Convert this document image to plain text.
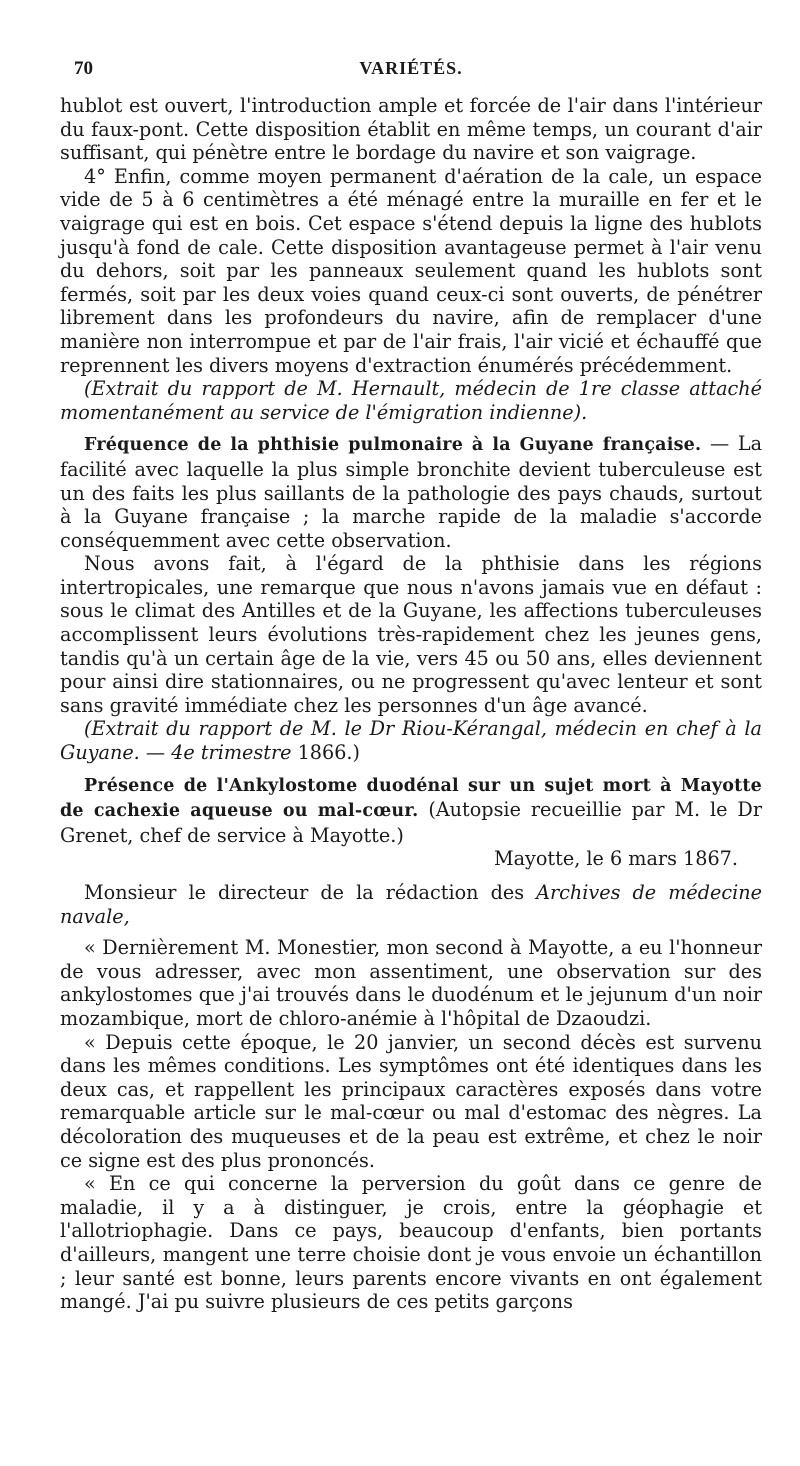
70	VARIÉTÉS.

hublot est ouvert, l'introduction ample et forcée de l'air dans l'intérieur du faux-pont. Cette disposition établit en même temps, un courant d'air suffisant, qui pénètre entre le bordage du navire et son vaigrage.

4° Enfin, comme moyen permanent d'aération de la cale, un espace vide de 5 à 6 centimètres a été ménagé entre la muraille en fer et le vaigrage qui est en bois. Cet espace s'étend depuis la ligne des hublots jusqu'à fond de cale. Cette disposition avantageuse permet à l'air venu du dehors, soit par les panneaux seulement quand les hublots sont fermés, soit par les deux voies quand ceux-ci sont ouverts, de pénétrer librement dans les profondeurs du navire, afin de remplacer d'une manière non interrompue et par de l'air frais, l'air vicié et échauffé que reprennent les divers moyens d'extraction énumérés précédemment.

(Extrait du rapport de M. Hernault, médecin de 1re classe attaché momentanément au service de l'émigration indienne).

Fréquence de la phthisie pulmonaire à la Guyane française. — La facilité avec laquelle la plus simple bronchite devient tuberculeuse est un des faits les plus saillants de la pathologie des pays chauds, surtout à la Guyane française ; la marche rapide de la maladie s'accorde conséquemment avec cette observation.

Nous avons fait, à l'égard de la phthisie dans les régions intertropicales, une remarque que nous n'avons jamais vue en défaut : sous le climat des Antilles et de la Guyane, les affections tuberculeuses accomplissent leurs évolutions très-rapidement chez les jeunes gens, tandis qu'à un certain âge de la vie, vers 45 ou 50 ans, elles deviennent pour ainsi dire stationnaires, ou ne progressent qu'avec lenteur et sont sans gravité immédiate chez les personnes d'un âge avancé.

(Extrait du rapport de M. le Dr Riou-Kérangal, médecin en chef à la Guyane. — 4e trimestre 1866.)

Présence de l'Ankylostome duodénal sur un sujet mort à Mayotte de cachexie aqueuse ou mal-cœur. (Autopsie recueillie par M. le Dr Grenet, chef de service à Mayotte.)

Mayotte, le 6 mars 1867.

Monsieur le directeur de la rédaction des Archives de médecine navale,

« Dernièrement M. Monestier, mon second à Mayotte, a eu l'honneur de vous adresser, avec mon assentiment, une observation sur des ankylostomes que j'ai trouvés dans le duodénum et le jejunum d'un noir mozambique, mort de chloro-anémie à l'hôpital de Dzaoudzi.

« Depuis cette époque, le 20 janvier, un second décès est survenu dans les mêmes conditions. Les symptômes ont été identiques dans les deux cas, et rappellent les principaux caractères exposés dans votre remarquable article sur le mal-cœur ou mal d'estomac des nègres. La décoloration des muqueuses et de la peau est extrême, et chez le noir ce signe est des plus prononcés.

« En ce qui concerne la perversion du goût dans ce genre de maladie, il y a à distinguer, je crois, entre la géophagie et l'allotriophagie. Dans ce pays, beaucoup d'enfants, bien portants d'ailleurs, mangent une terre choisie dont je vous envoie un échantillon ; leur santé est bonne, leurs parents encore vivants en ont également mangé. J'ai pu suivre plusieurs de ces petits garçons
